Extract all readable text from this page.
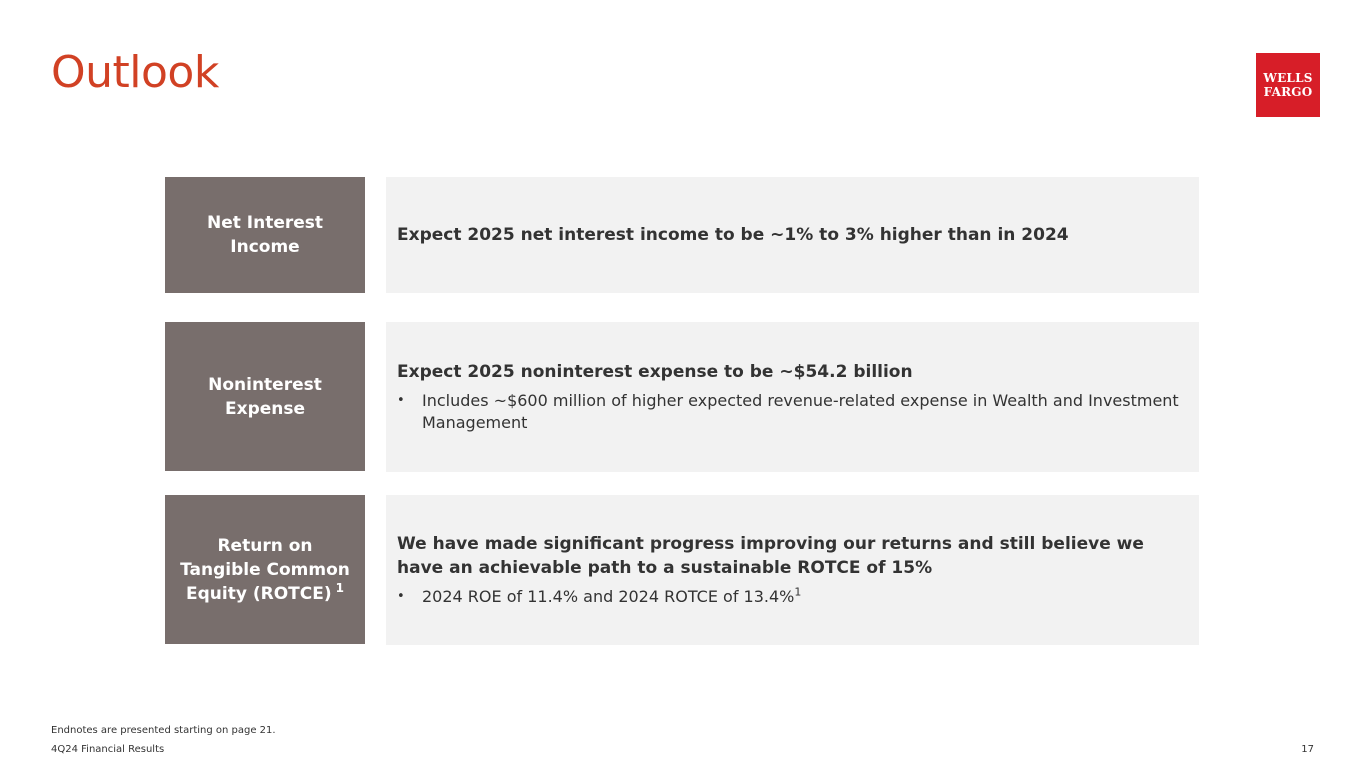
Outlook	WELLS
FARGO
Net Interest Income
Expect 2025 net interest income to be ~1% to 3% higher than in 2024
Noninterest Expense
Expect 2025 noninterest expense to be ~$54.2 billion
• Includes ~$600 million of higher expected revenue-related expense in Wealth and Investment Management
Return on Tangible Common Equity (ROTCE) $^1$
We have made significant progress improving our returns and still believe we have an achievable path to a sustainable ROTCE of 15%
• 2024 ROE of 11.4% and 2024 ROTCE of 13.4%$^1$
Endnotes are presented starting on page 21.
4Q24 Financial Results	17
